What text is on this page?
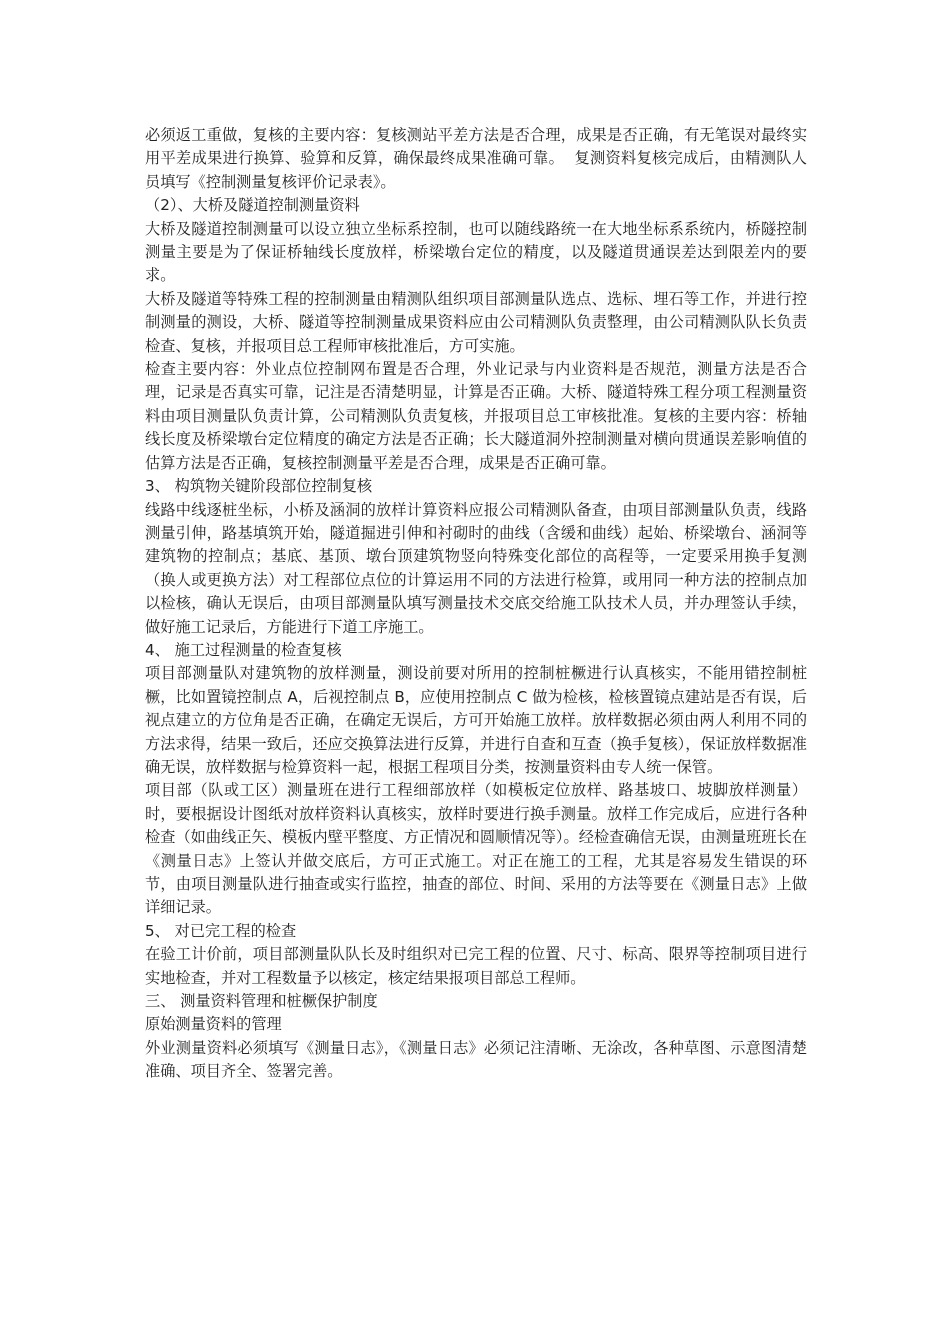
必须返工重做，复核的主要内容：复核测站平差方法是否合理，成果是否正确，有无笔误对最终实用平差成果进行换算、验算和反算，确保最终成果准确可靠。  复测资料复核完成后，由精测队人员填写《控制测量复核评价记录表》。

（2）、大桥及隧道控制测量资料

大桥及隧道控制测量可以设立独立坐标系控制，也可以随线路统一在大地坐标系系统内，桥隧控制测量主要是为了保证桥轴线长度放样，桥梁墩台定位的精度，以及隧道贯通误差达到限差内的要求。

大桥及隧道等特殊工程的控制测量由精测队组织项目部测量队选点、选标、埋石等工作，并进行控制测量的测设，大桥、隧道等控制测量成果资料应由公司精测队负责整理，由公司精测队队长负责检查、复核，并报项目总工程师审核批准后，方可实施。

检查主要内容：外业点位控制网布置是否合理，外业记录与内业资料是否规范，测量方法是否合理，记录是否真实可靠，记注是否清楚明显，计算是否正确。大桥、隧道特殊工程分项工程测量资料由项目测量队负责计算，公司精测队负责复核，并报项目总工审核批准。复核的主要内容：桥轴线长度及桥梁墩台定位精度的确定方法是否正确；长大隧道洞外控制测量对横向贯通误差影响值的估算方法是否正确，复核控制测量平差是否合理，成果是否正确可靠。

3、 构筑物关键阶段部位控制复核

线路中线逐桩坐标，小桥及涵洞的放样计算资料应报公司精测队备查，由项目部测量队负责，线路测量引伸，路基填筑开始，隧道掘进引伸和衬砌时的曲线（含缓和曲线）起始、桥梁墩台、涵洞等建筑物的控制点；基底、基顶、墩台顶建筑物竖向特殊变化部位的高程等，一定要采用换手复测（换人或更换方法）对工程部位点位的计算运用不同的方法进行检算，或用同一种方法的控制点加以检核，确认无误后，由项目部测量队填写测量技术交底交给施工队技术人员，并办理签认手续，做好施工记录后，方能进行下道工序施工。

4、 施工过程测量的检查复核

项目部测量队对建筑物的放样测量，测设前要对所用的控制桩橛进行认真核实，不能用错控制桩橛，比如置镜控制点 A，后视控制点 B，应使用控制点 C 做为检核，检核置镜点建站是否有误，后视点建立的方位角是否正确，在确定无误后，方可开始施工放样。放样数据必须由两人利用不同的方法求得，结果一致后，还应交换算法进行反算，并进行自查和互查（换手复核），保证放样数据准确无误，放样数据与检算资料一起，根据工程项目分类，按测量资料由专人统一保管。

项目部（队或工区）测量班在进行工程细部放样（如模板定位放样、路基坡口、坡脚放样测量）时，要根据设计图纸对放样资料认真核实，放样时要进行换手测量。放样工作完成后，应进行各种检查（如曲线正矢、模板内壁平整度、方正情况和圆顺情况等）。经检查确信无误，由测量班班长在《测量日志》上签认并做交底后，方可正式施工。对正在施工的工程，尤其是容易发生错误的环节，由项目测量队进行抽查或实行监控，抽查的部位、时间、采用的方法等要在《测量日志》上做详细记录。

5、 对已完工程的检查

在验工计价前，项目部测量队队长及时组织对已完工程的位置、尺寸、标高、限界等控制项目进行实地检查，并对工程数量予以核定，核定结果报项目部总工程师。

三、 测量资料管理和桩橛保护制度

原始测量资料的管理

外业测量资料必须填写《测量日志》，《测量日志》必须记注清晰、无涂改，各种草图、示意图清楚准确、项目齐全、签署完善。
